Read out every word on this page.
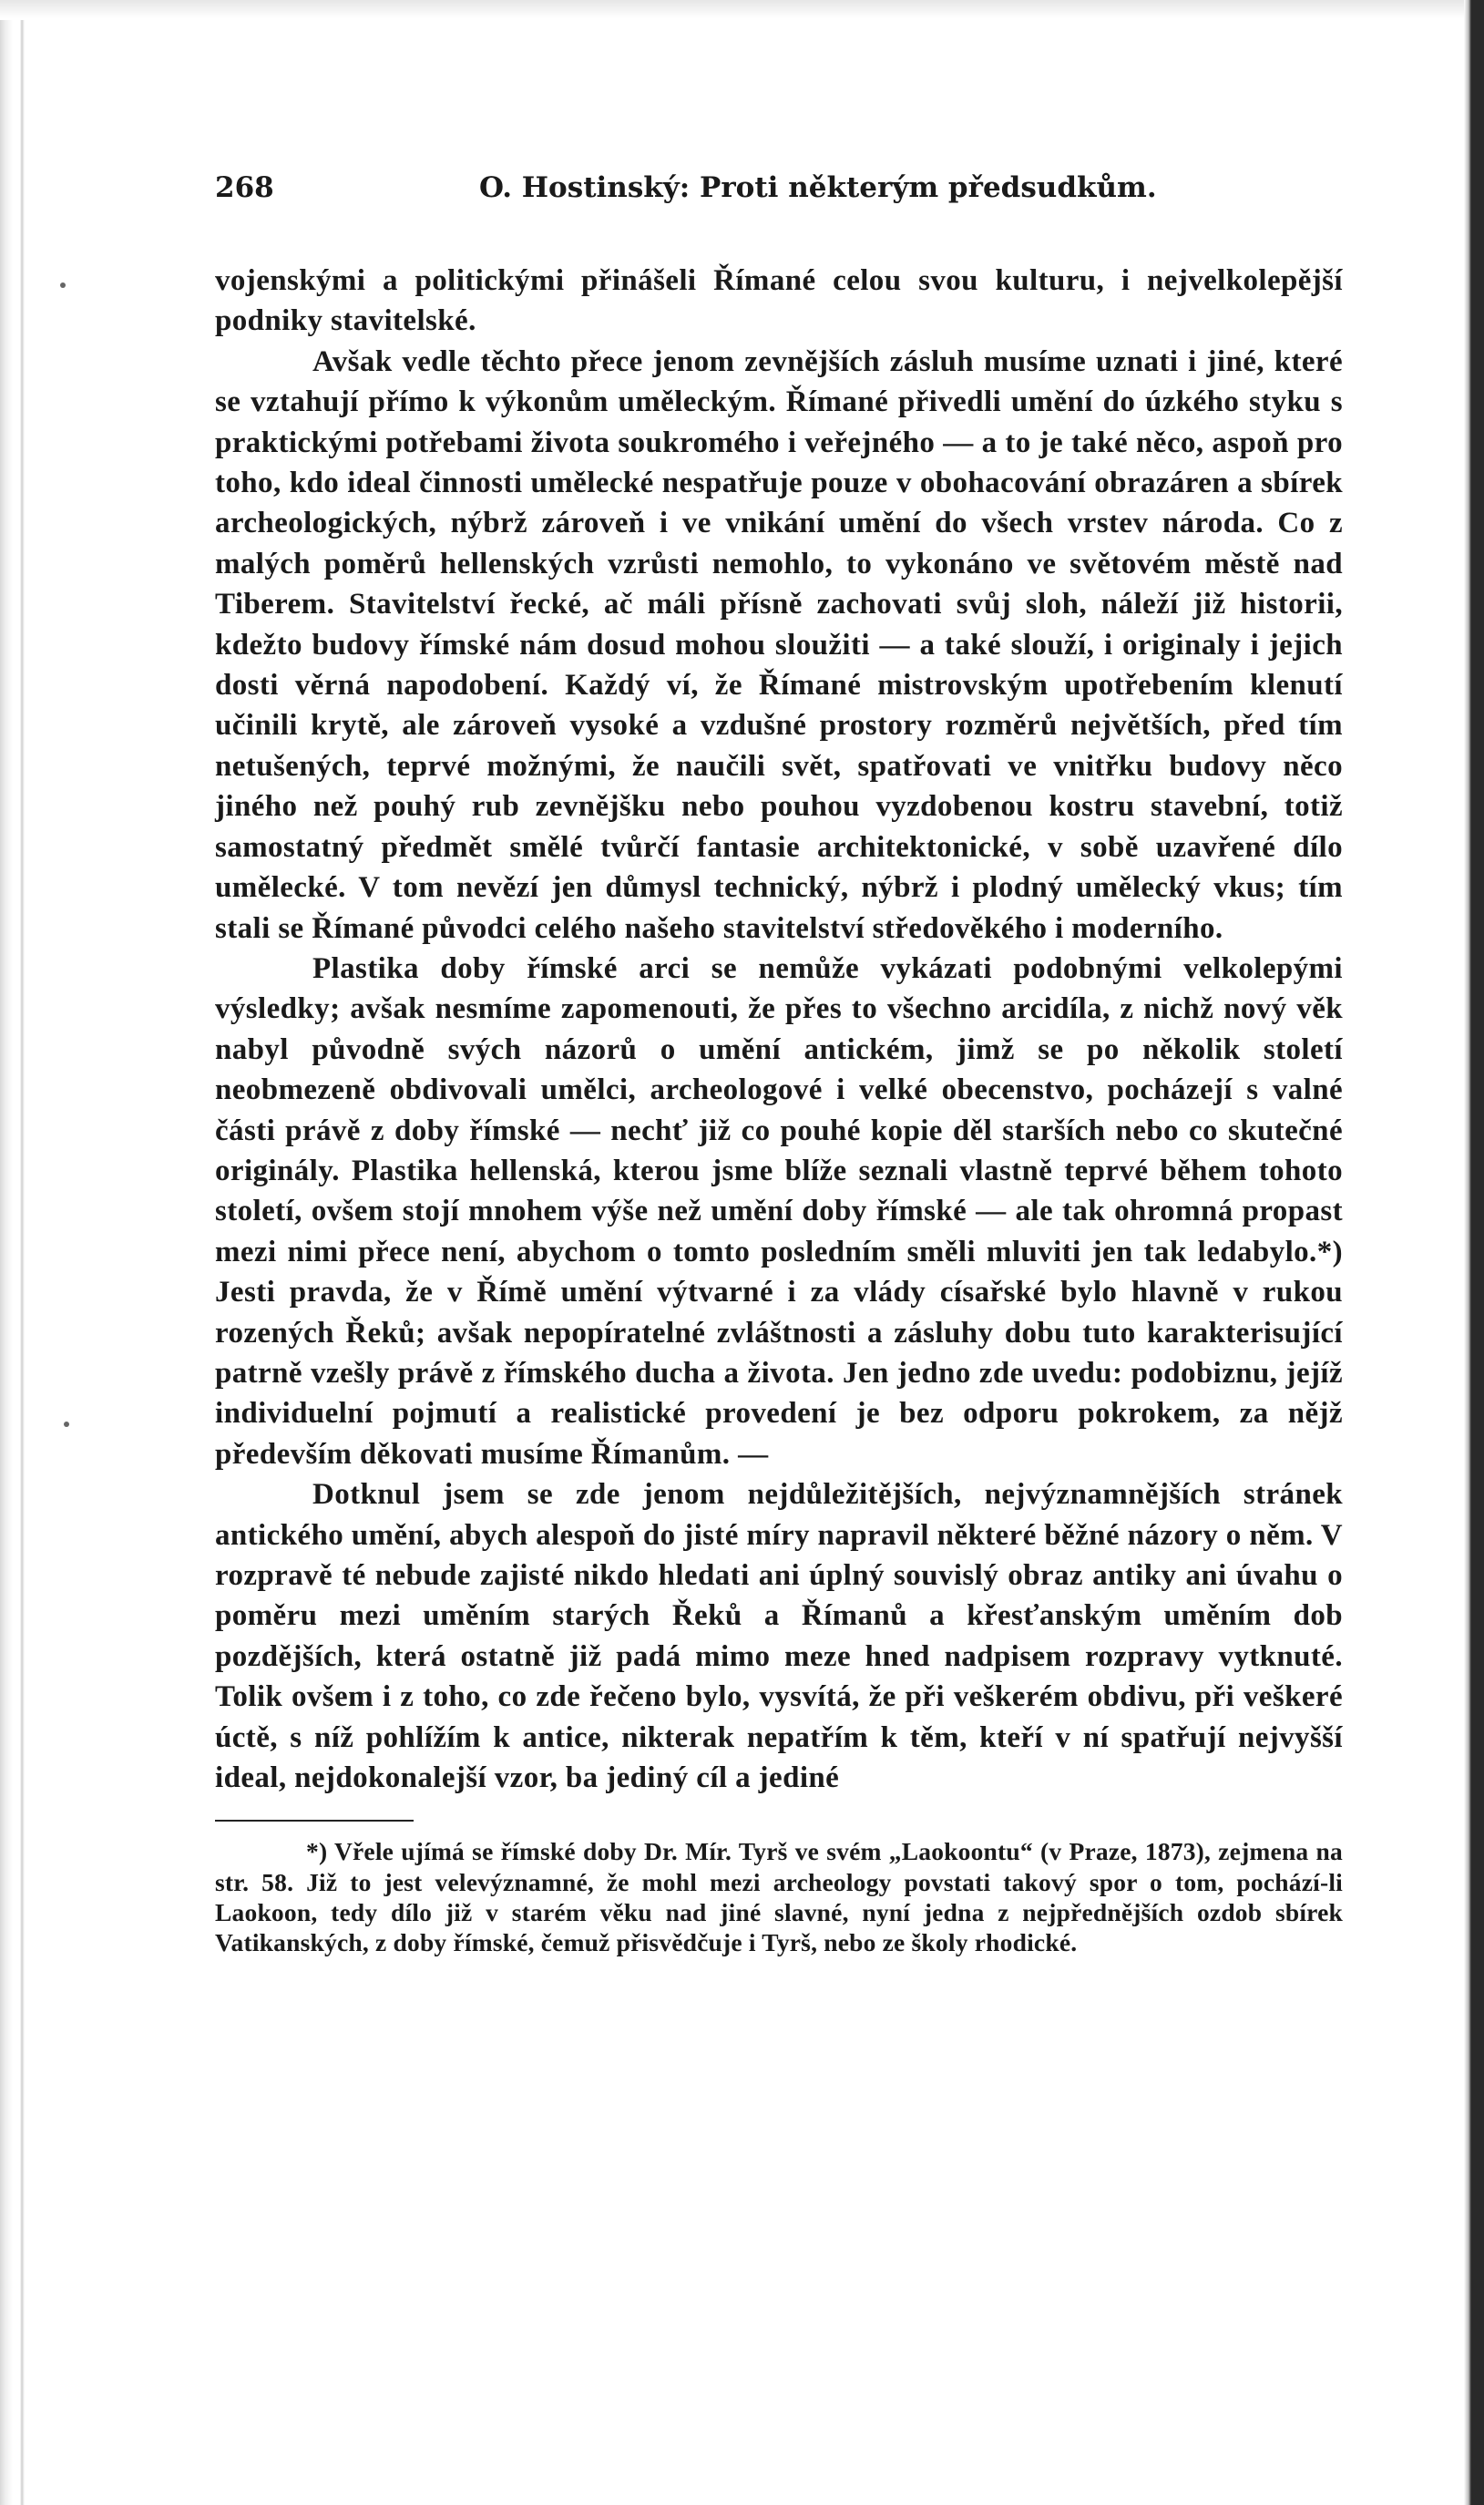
268	O. Hostinský: Proti některým předsudkům.

vojenskými a politickými přinášeli Římané celou svou kulturu, i nejvelkolepější podniky stavitelské.

Avšak vedle těchto přece jenom zevnějších zásluh musíme uznati i jiné, které se vztahují přímo k výkonům uměleckým. Římané přivedli umění do úzkého styku s praktickými potřebami života soukromého i veřejného — a to je také něco, aspoň pro toho, kdo ideal činnosti umělecké nespatřuje pouze v obohacování obrazáren a sbírek archeologických, nýbrž zároveň i ve vnikání umění do všech vrstev národa. Co z malých poměrů hellenských vzrůsti nemohlo, to vykonáno ve světovém městě nad Tiberem. Stavitelství řecké, ač máli přísně zachovati svůj sloh, náleží již historii, kdežto budovy římské nám dosud mohou sloužiti — a také slouží, i originaly i jejich dosti věrná napodobení. Každý ví, že Římané mistrovským upotřebením klenutí učinili krytě, ale zároveň vysoké a vzdušné prostory rozměrů největších, před tím netušených, teprvé možnými, že naučili svět, spatřovati ve vnitřku budovy něco jiného než pouhý rub zevnějšku nebo pouhou vyzdobenou kostru stavební, totiž samostatný předmět smělé tvůrčí fantasie architektonické, v sobě uzavřené dílo umělecké. V tom nevězí jen důmysl technický, nýbrž i plodný umělecký vkus; tím stali se Římané původci celého našeho stavitelství středověkého i moderního.

Plastika doby římské arci se nemůže vykázati podobnými velkolepými výsledky; avšak nesmíme zapomenouti, že přes to všechno arcidíla, z nichž nový věk nabyl původně svých názorů o umění antickém, jimž se po několik století neobmezeně obdivovali umělci, archeologové i velké obecenstvo, pocházejí s valné části právě z doby římské — nechť již co pouhé kopie děl starších nebo co skutečné originály. Plastika hellenská, kterou jsme blíže seznali vlastně teprvé během tohoto století, ovšem stojí mnohem výše než umění doby římské — ale tak ohromná propast mezi nimi přece není, abychom o tomto posledním směli mluviti jen tak ledabylo.*) Jesti pravda, že v Římě umění výtvarné i za vlády císařské bylo hlavně v rukou rozených Řeků; avšak nepopíratelné zvláštnosti a zásluhy dobu tuto karakterisující patrně vzešly právě z římského ducha a života. Jen jedno zde uvedu: podobiznu, jejíž individuelní pojmutí a realistické provedení je bez odporu pokrokem, za nějž především děkovati musíme Římanům. —

Dotknul jsem se zde jenom nejdůležitějších, nejvýznamnějších stránek antického umění, abych alespoň do jisté míry napravil některé běžné názory o něm. V rozpravě té nebude zajisté nikdo hledati ani úplný souvislý obraz antiky ani úvahu o poměru mezi uměním starých Řeků a Římanů a křesťanským uměním dob pozdějších, která ostatně již padá mimo meze hned nadpisem rozpravy vytknuté. Tolik ovšem i z toho, co zde řečeno bylo, vysvítá, že při veškerém obdivu, při veškeré úctě, s níž pohlížím k antice, nikterak nepatřím k těm, kteří v ní spatřují nejvyšší ideal, nejdokonalejší vzor, ba jediný cíl a jediné

*) Vřele ujímá se římské doby Dr. Mír. Tyrš ve svém „Laokoontu“ (v Praze, 1873), zejmena na str. 58. Již to jest velevýznamné, že mohl mezi archeology povstati takový spor o tom, pochází-li Laokoon, tedy dílo již v starém věku nad jiné slavné, nyní jedna z nejpřednějších ozdob sbírek Vatikanských, z doby římské, čemuž přisvědčuje i Tyrš, nebo ze školy rhodické.
